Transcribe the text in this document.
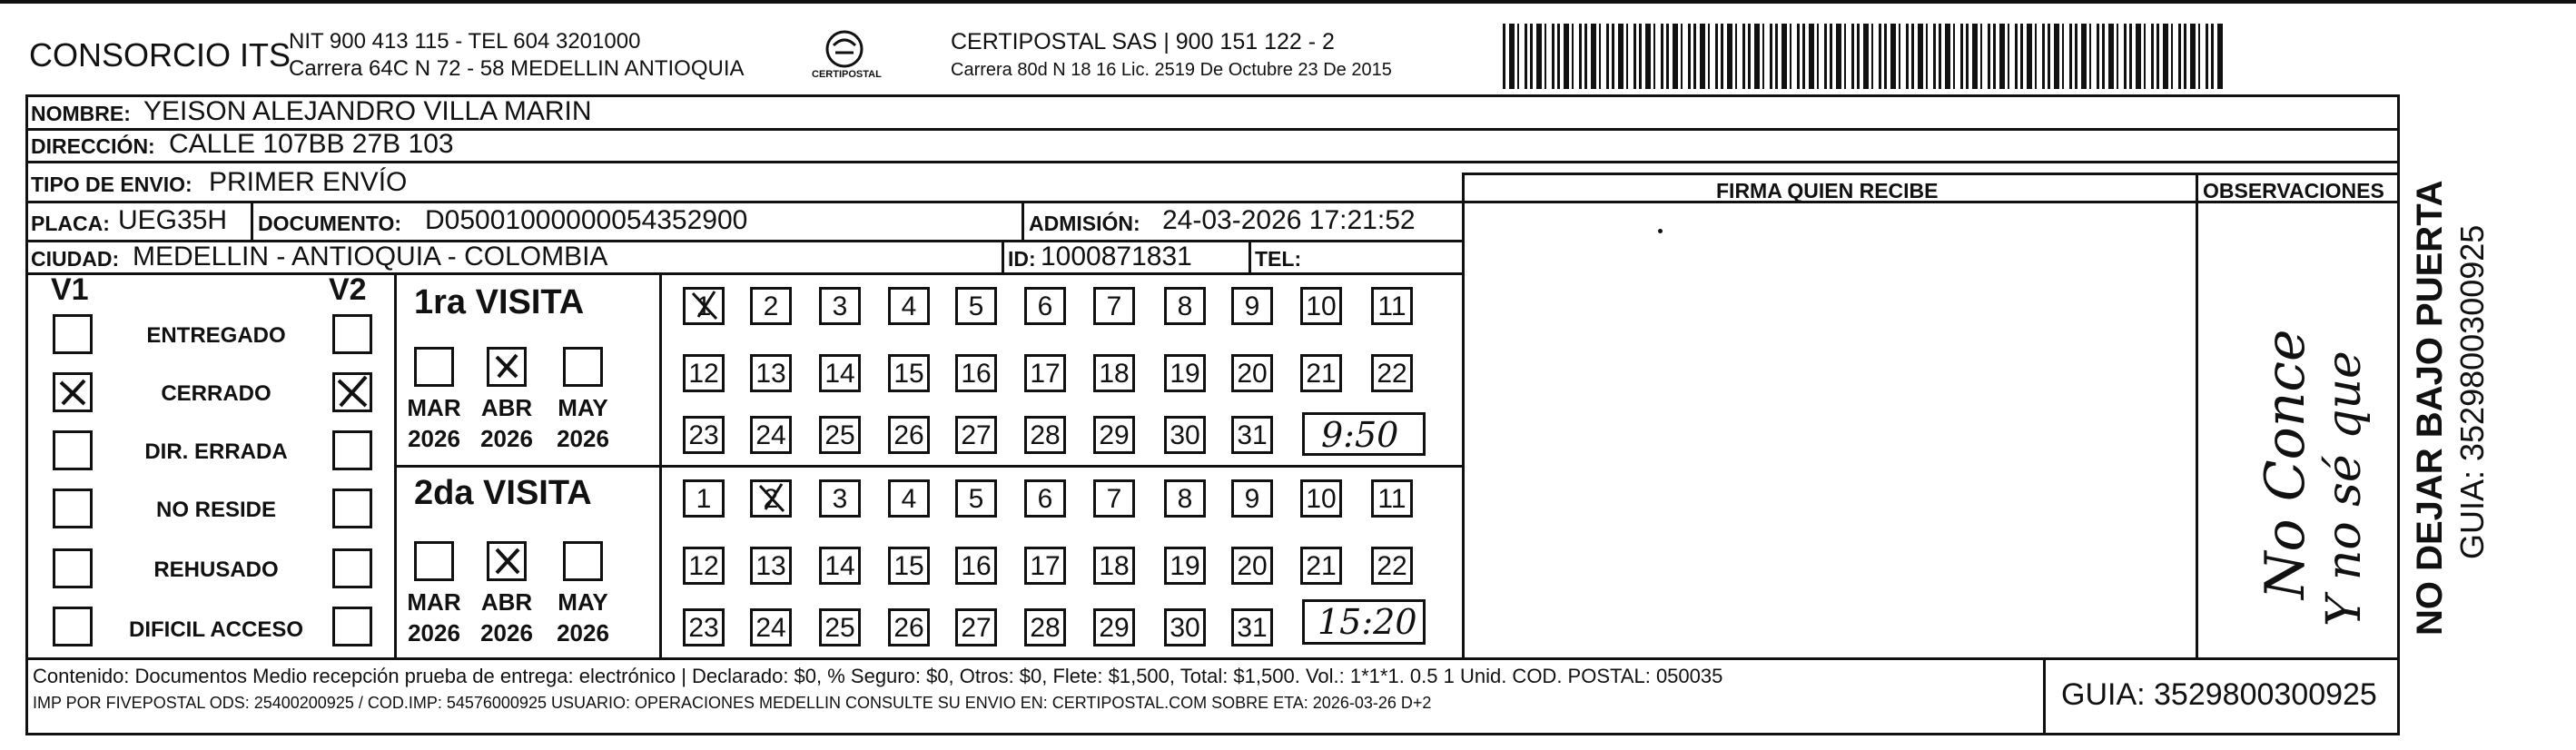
CONSORCIO ITS
NIT 900 413 115 - TEL 604 3201000
Carrera 64C N 72 - 58 MEDELLIN ANTIOQUIA	CERTIPOSTAL
CERTIPOSTAL SAS | 900 151 122 - 2
Carrera 80d N 18 16 Lic. 2519 De Octubre 23 De 2015
NOMBRE: YEISON ALEJANDRO VILLA MARIN
DIRECCIÓN: CALLE 107BB 27B 103
TIPO DE ENVIO: PRIMER ENVÍO
PLACA: UEG35H DOCUMENTO: D05001000000054352900	ADMISIÓN: 24-03-2026 17:21:52
CIUDAD: MEDELLIN - ANTIOQUIA - COLOMBIA	ID: 1000871831	TEL:
FIRMA QUIEN RECIBE	OBSERVACIONES
No Conce Y no sé que
V1	V2
ENTREGADO
CERRADO
DIR. ERRADA
NO RESIDE
REHUSADO
DIFICIL ACCESO
1ra VISITA
MAR ABR MAY
2026 2026 2026
1	2	3	4	5	6	7	8	9	10 11
12 13 14 15 16 17 18 19 20 21 22
23 24 25 26 27 28 29 30 31 9:50
2da VISITA
MAR ABR MAY
2026 2026 2026
1	2	3	4	5	6	7	8	9	10 11
12 13 14 15 16 17 18 19 20 21 22
23 24 25 26 27 28 29 30 31 15:20	NO DEJAR BAJO PUERTA GUIA: 3529800300925
Contenido: Documentos Medio recepción prueba de entrega: electrónico | Declarado: $0, % Seguro: $0, Otros: $0, Flete: $1,500, Total: $1,500. Vol.: 1*1*1. 0.5 1 Unid. COD. POSTAL: 050035
IMP POR FIVEPOSTAL ODS: 25400200925 / COD.IMP: 54576000925 USUARIO: OPERACIONES MEDELLIN CONSULTE SU ENVIO EN: CERTIPOSTAL.COM SOBRE ETA: 2026-03-26 D+2	GUIA: 3529800300925
